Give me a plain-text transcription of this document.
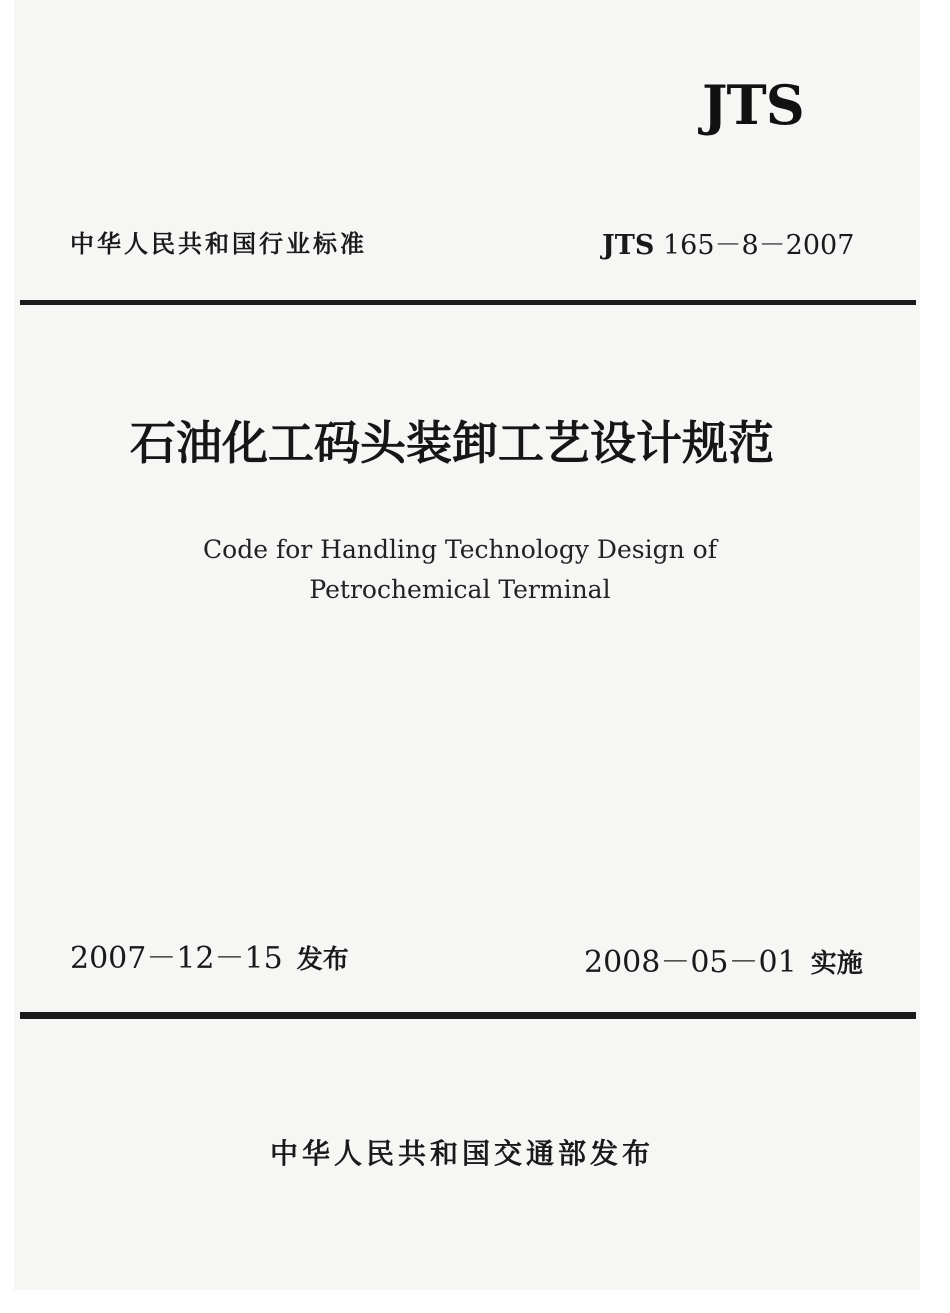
JTS
中华人民共和国行业标准	JTS 165－8－2007
石油化工码头装卸工艺设计规范
Code for Handling Technology Design of
Petrochemical Terminal
2007－12－15 发布	2008－05－01 实施
中华人民共和国交通部发布
